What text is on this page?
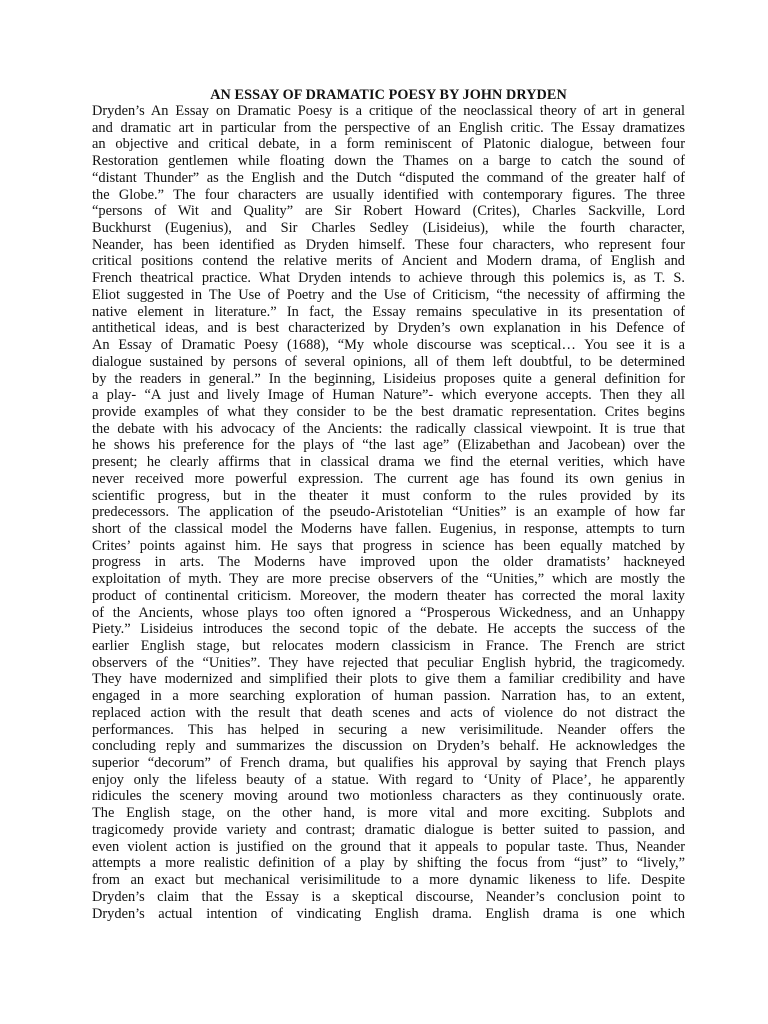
AN ESSAY OF DRAMATIC POESY BY JOHN DRYDEN
Dryden’s An Essay on Dramatic Poesy is a critique of the neoclassical theory of art in general
and dramatic art in particular from the perspective of an English critic. The Essay dramatizes
an objective and critical debate, in a form reminiscent of Platonic dialogue, between four
Restoration gentlemen while floating down the Thames on a barge to catch the sound of
“distant Thunder” as the English and the Dutch “disputed the command of the greater half of
the Globe.” The four characters are usually identified with contemporary figures. The three
“persons of Wit and Quality” are Sir Robert Howard (Crites), Charles Sackville, Lord
Buckhurst (Eugenius), and Sir Charles Sedley (Lisideius), while the fourth character,
Neander, has been identified as Dryden himself. These four characters, who represent four
critical positions contend the relative merits of Ancient and Modern drama, of English and
French theatrical practice. What Dryden intends to achieve through this polemics is, as T. S.
Eliot suggested in The Use of Poetry and the Use of Criticism, “the necessity of affirming the
native element in literature.” In fact, the Essay remains speculative in its presentation of
antithetical ideas, and is best characterized by Dryden’s own explanation in his Defence of
An Essay of Dramatic Poesy (1688), “My whole discourse was sceptical… You see it is a
dialogue sustained by persons of several opinions, all of them left doubtful, to be determined
by the readers in general.” In the beginning, Lisideius proposes quite a general definition for
a play- “A just and lively Image of Human Nature”- which everyone accepts. Then they all
provide examples of what they consider to be the best dramatic representation. Crites begins
the debate with his advocacy of the Ancients: the radically classical viewpoint. It is true that
he shows his preference for the plays of “the last age” (Elizabethan and Jacobean) over the
present; he clearly affirms that in classical drama we find the eternal verities, which have
never received more powerful expression. The current age has found its own genius in
scientific progress, but in the theater it must conform to the rules provided by its
predecessors. The application of the pseudo-Aristotelian “Unities” is an example of how far
short of the classical model the Moderns have fallen. Eugenius, in response, attempts to turn
Crites’ points against him. He says that progress in science has been equally matched by
progress in arts. The Moderns have improved upon the older dramatists’ hackneyed
exploitation of myth. They are more precise observers of the “Unities,” which are mostly the
product of continental criticism. Moreover, the modern theater has corrected the moral laxity
of the Ancients, whose plays too often ignored a “Prosperous Wickedness, and an Unhappy
Piety.” Lisideius introduces the second topic of the debate. He accepts the success of the
earlier English stage, but relocates modern classicism in France. The French are strict
observers of the “Unities”. They have rejected that peculiar English hybrid, the tragicomedy.
They have modernized and simplified their plots to give them a familiar credibility and have
engaged in a more searching exploration of human passion. Narration has, to an extent,
replaced action with the result that death scenes and acts of violence do not distract the
performances. This has helped in securing a new verisimilitude. Neander offers the
concluding reply and summarizes the discussion on Dryden’s behalf. He acknowledges the
superior “decorum” of French drama, but qualifies his approval by saying that French plays
enjoy only the lifeless beauty of a statue. With regard to ‘Unity of Place’, he apparently
ridicules the scenery moving around two motionless characters as they continuously orate.
The English stage, on the other hand, is more vital and more exciting. Subplots and
tragicomedy provide variety and contrast; dramatic dialogue is better suited to passion, and
even violent action is justified on the ground that it appeals to popular taste. Thus, Neander
attempts a more realistic definition of a play by shifting the focus from “just” to “lively,”
from an exact but mechanical verisimilitude to a more dynamic likeness to life. Despite
Dryden’s claim that the Essay is a skeptical discourse, Neander’s conclusion point to
Dryden’s actual intention of vindicating English drama. English drama is one which
